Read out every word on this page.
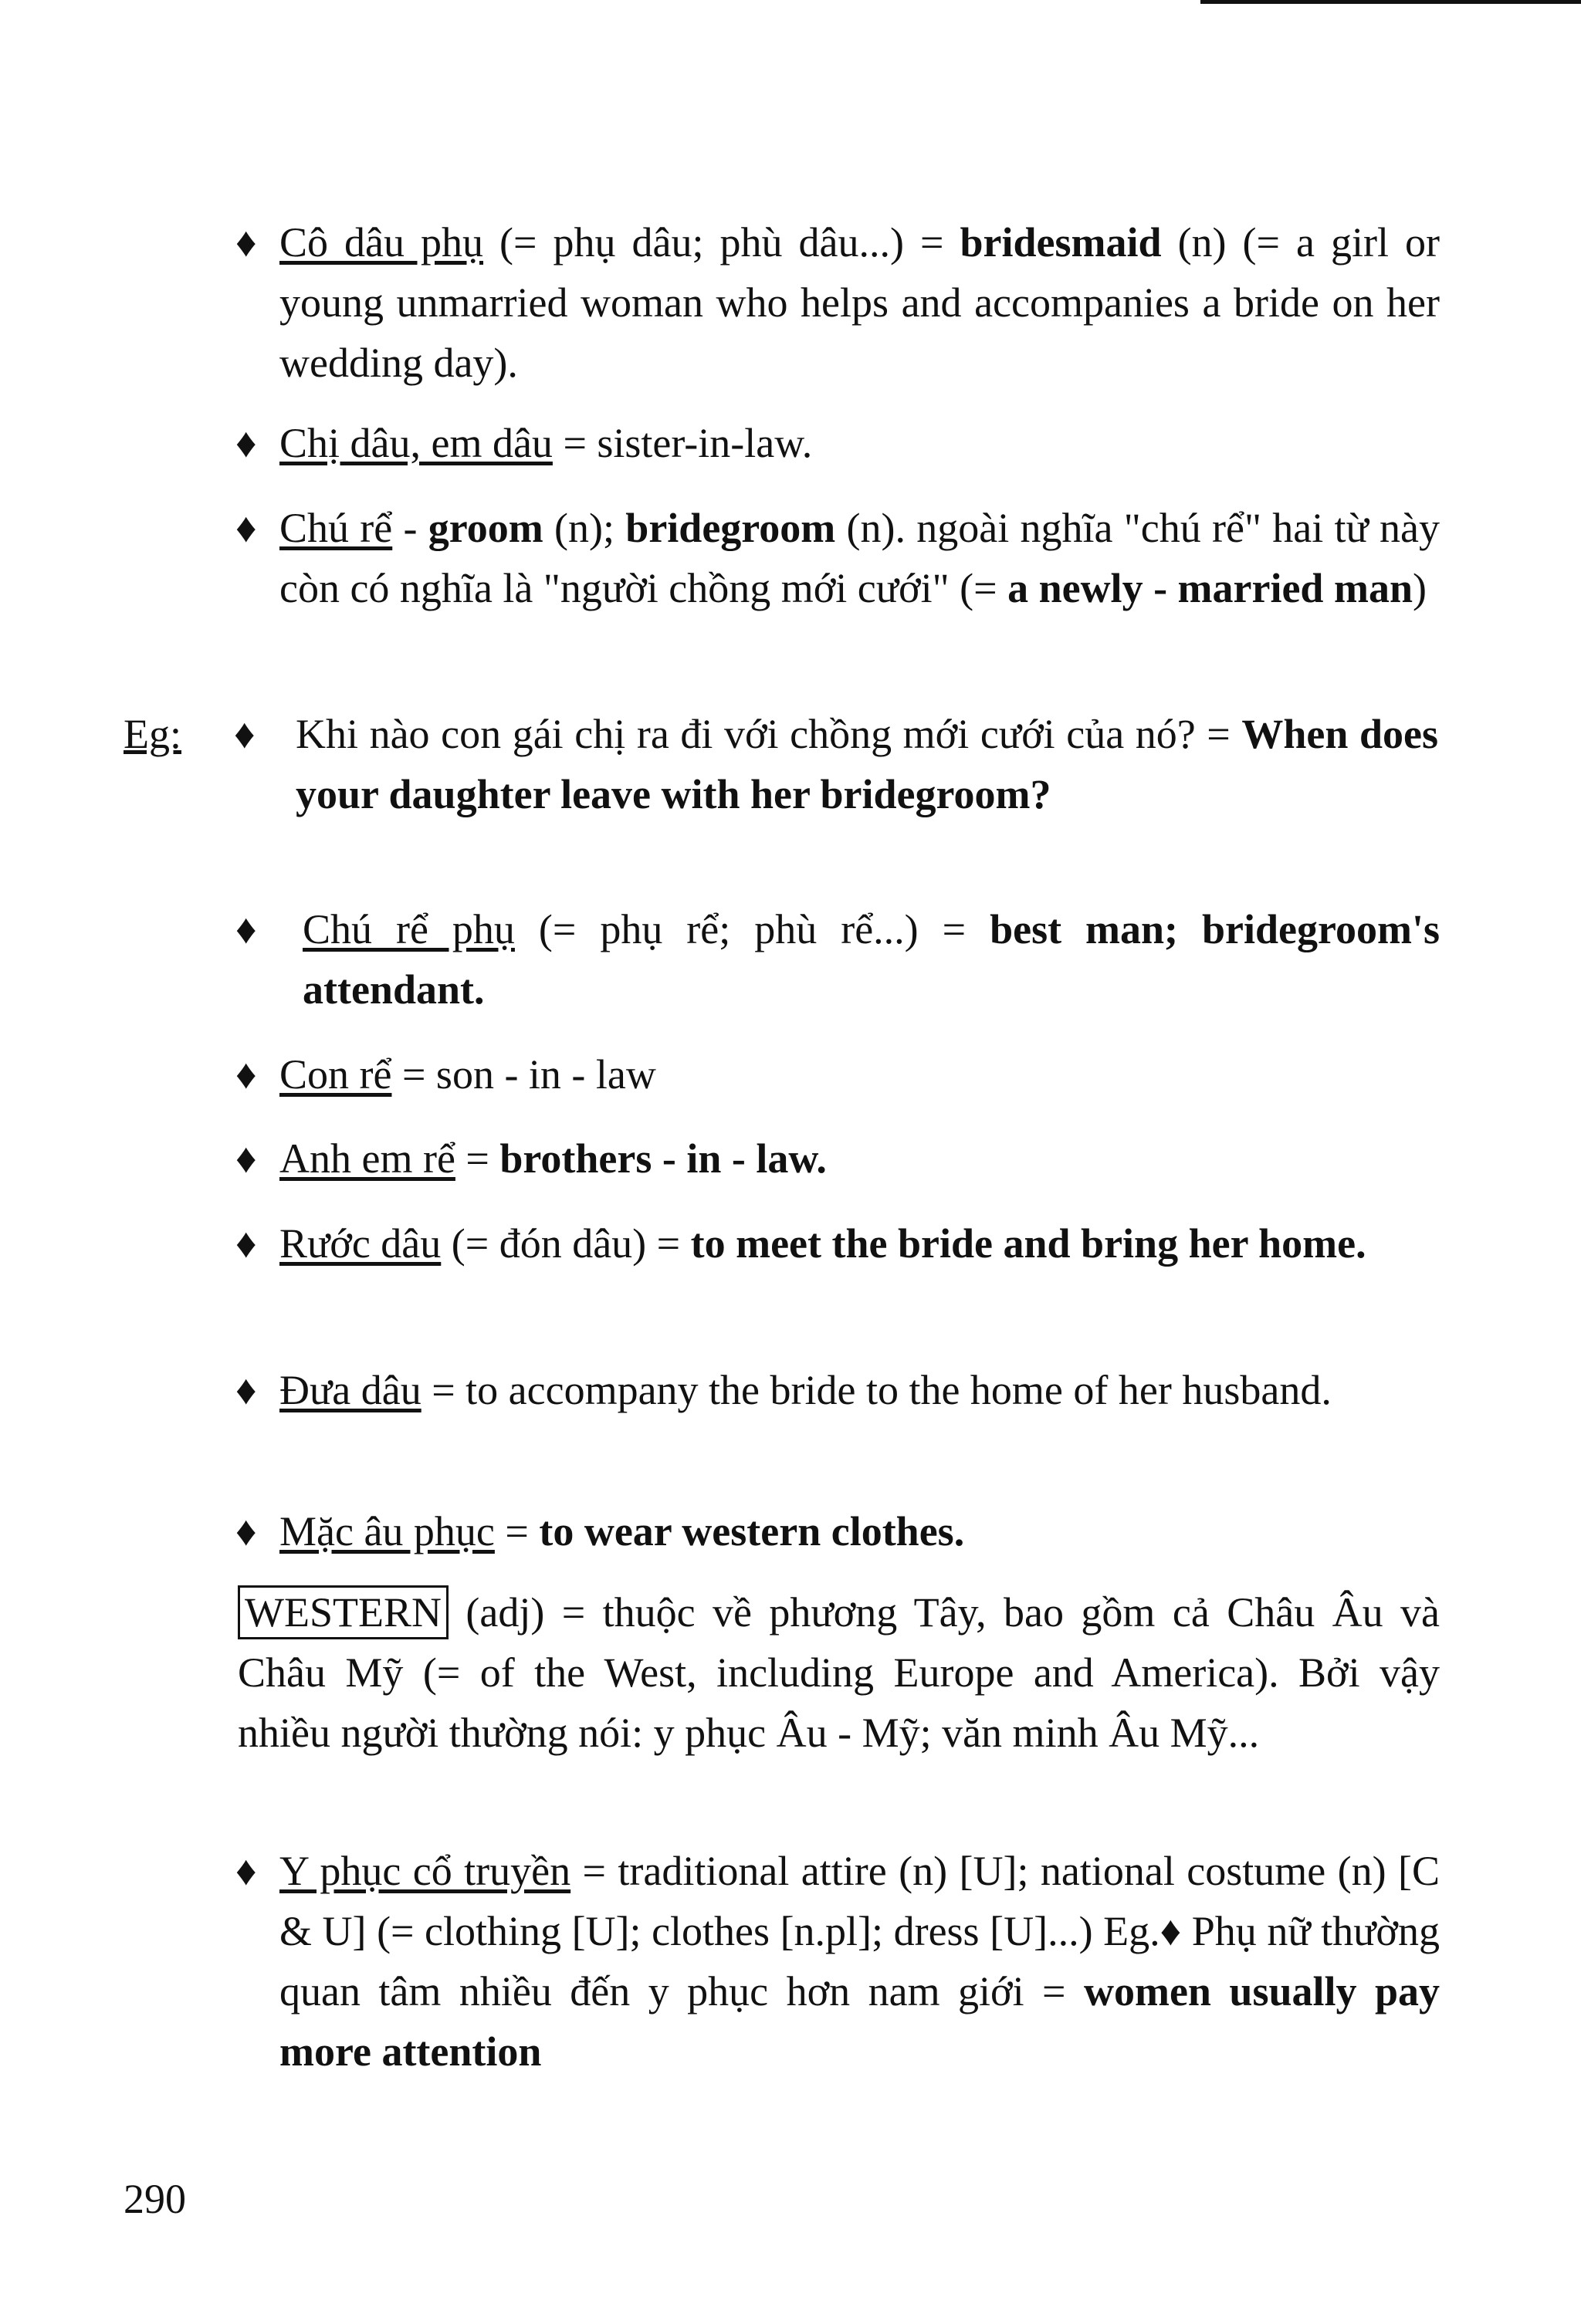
♦ Cô dâu phụ (= phụ dâu; phù dâu...) = bridesmaid (n) (= a girl or young unmarried woman who helps and accompanies a bride on her wedding day).
♦ Chị dâu, em dâu = sister-in-law.
♦ Chú rể - groom (n); bridegroom (n). ngoài nghĩa "chú rể" hai từ này còn có nghĩa là "người chồng mới cưới" (= a newly - married man)
Eg: ♦ Khi nào con gái chị ra đi với chồng mới cưới của nó? = When does your daughter leave with her bridegroom?
♦	Chú rể phụ (= phụ rể; phù rể...) = best man; bridegroom's attendant.
♦ Con rể = son - in - law
♦ Anh em rể = brothers - in - law.
♦ Rước dâu (= đón dâu) = to meet the bride and bring her home.
♦ Đưa dâu = to accompany the bride to the home of her husband.
♦ Mặc âu phục = to wear western clothes.
WESTERN (adj) = thuộc về phương Tây, bao gồm cả Châu Âu và Châu Mỹ (= of the West, including Europe and America). Bởi vậy nhiều người thường nói: y phục Âu - Mỹ; văn minh Âu Mỹ...
♦ Y phục cổ truyền = traditional attire (n) [U]; national costume (n) [C & U] (= clothing [U]; clothes [n.pl]; dress [U]...) Eg.♦ Phụ nữ thường quan tâm nhiều đến y phục hơn nam giới = women usually pay more attention
290
